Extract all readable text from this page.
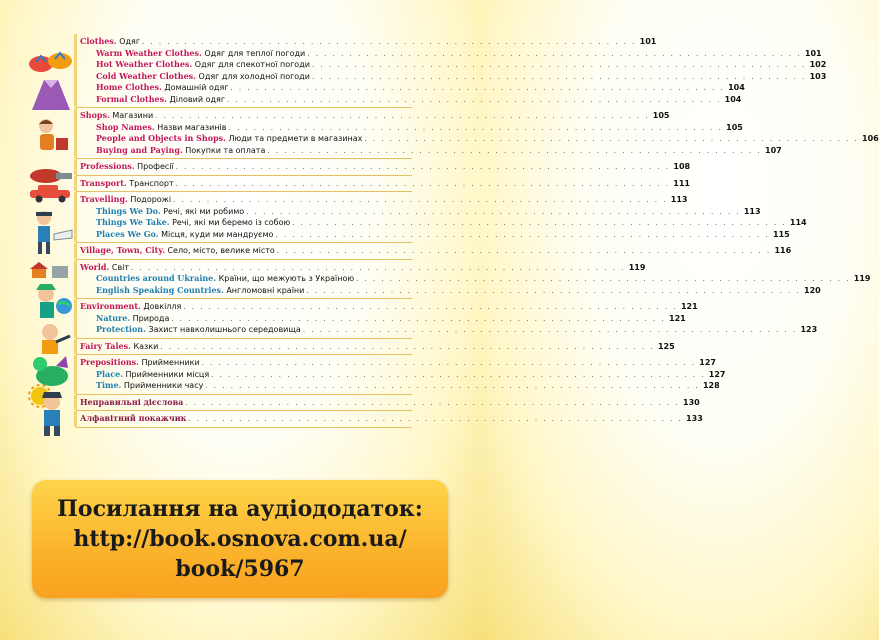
Clothes. Одяг . . .	101
Warm Weather Clothes. Одяг для теплої погоди . . .	101
Hot Weather Clothes. Одяг для спекотної погоди . . .	102
Cold Weather Clothes. Одяг для холодної погоди . . .	103
Home Clothes. Домашній одяг . . .	104
Formal Clothes. Діловий одяг . . .	104
Shops. Магазини . . .	105
Shop Names. Назви магазинів . . .	105
People and Objects in Shops. Люди та предмети в магазинах . . .	106
Buying and Paying. Покупки та оплата . . .	107
Professions. Професії . . .	108
Transport. Транспорт . . .	111
Travelling. Подорожі . . .	113
Things We Do. Речі, які ми робимо . . .	113
Things We Take. Речі, які ми беремо із собою . . .	114
Places We Go. Місця, куди ми мандруємо . . .	115
Village, Town, City. Село, місто, велике місто . . .	116
World. Світ . . .	119
Countries around Ukraine. Країни, що межують з Україною . . .	119
English Speaking Countries. Англомовні країни . . .	120
Environment. Довкілля . . .	121
Nature. Природа . . .	121
Protection. Захист навколишнього середовища . . .	123
Fairy Tales. Казки . . .	125
Prepositions. Прийменники . . .	127
Place. Прийменники місця . . .	127
Time. Прийменники часу . . .	128
Неправильні дієслова . . .	130
Алфавітний покажчик . . .	133
Посилання на аудіододаток:
http://book.osnova.com.ua/
book/5967
